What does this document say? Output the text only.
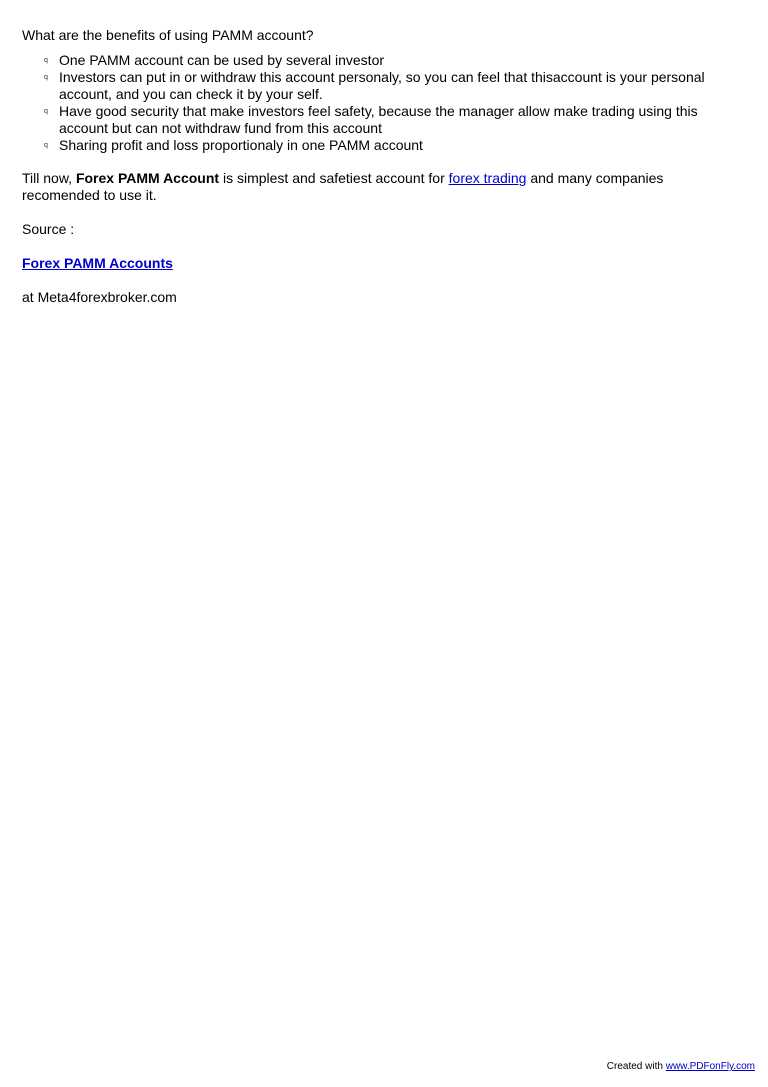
What are the benefits of using PAMM account?

q One PAMM account can be used by several investor
q Investors can put in or withdraw this account personaly, so you can feel that thisaccount is your personal account, and you can check it by your self.
q Have good security that make investors feel safety, because the manager allow make trading using this account but can not withdraw fund from this account
q Sharing profit and loss proportionaly in one PAMM account

Till now, Forex PAMM Account is simplest and safetiest account for forex trading and many companies recomended to use it.

Source :

Forex PAMM Accounts

at Meta4forexbroker.com

Created with www.PDFonFly.com
